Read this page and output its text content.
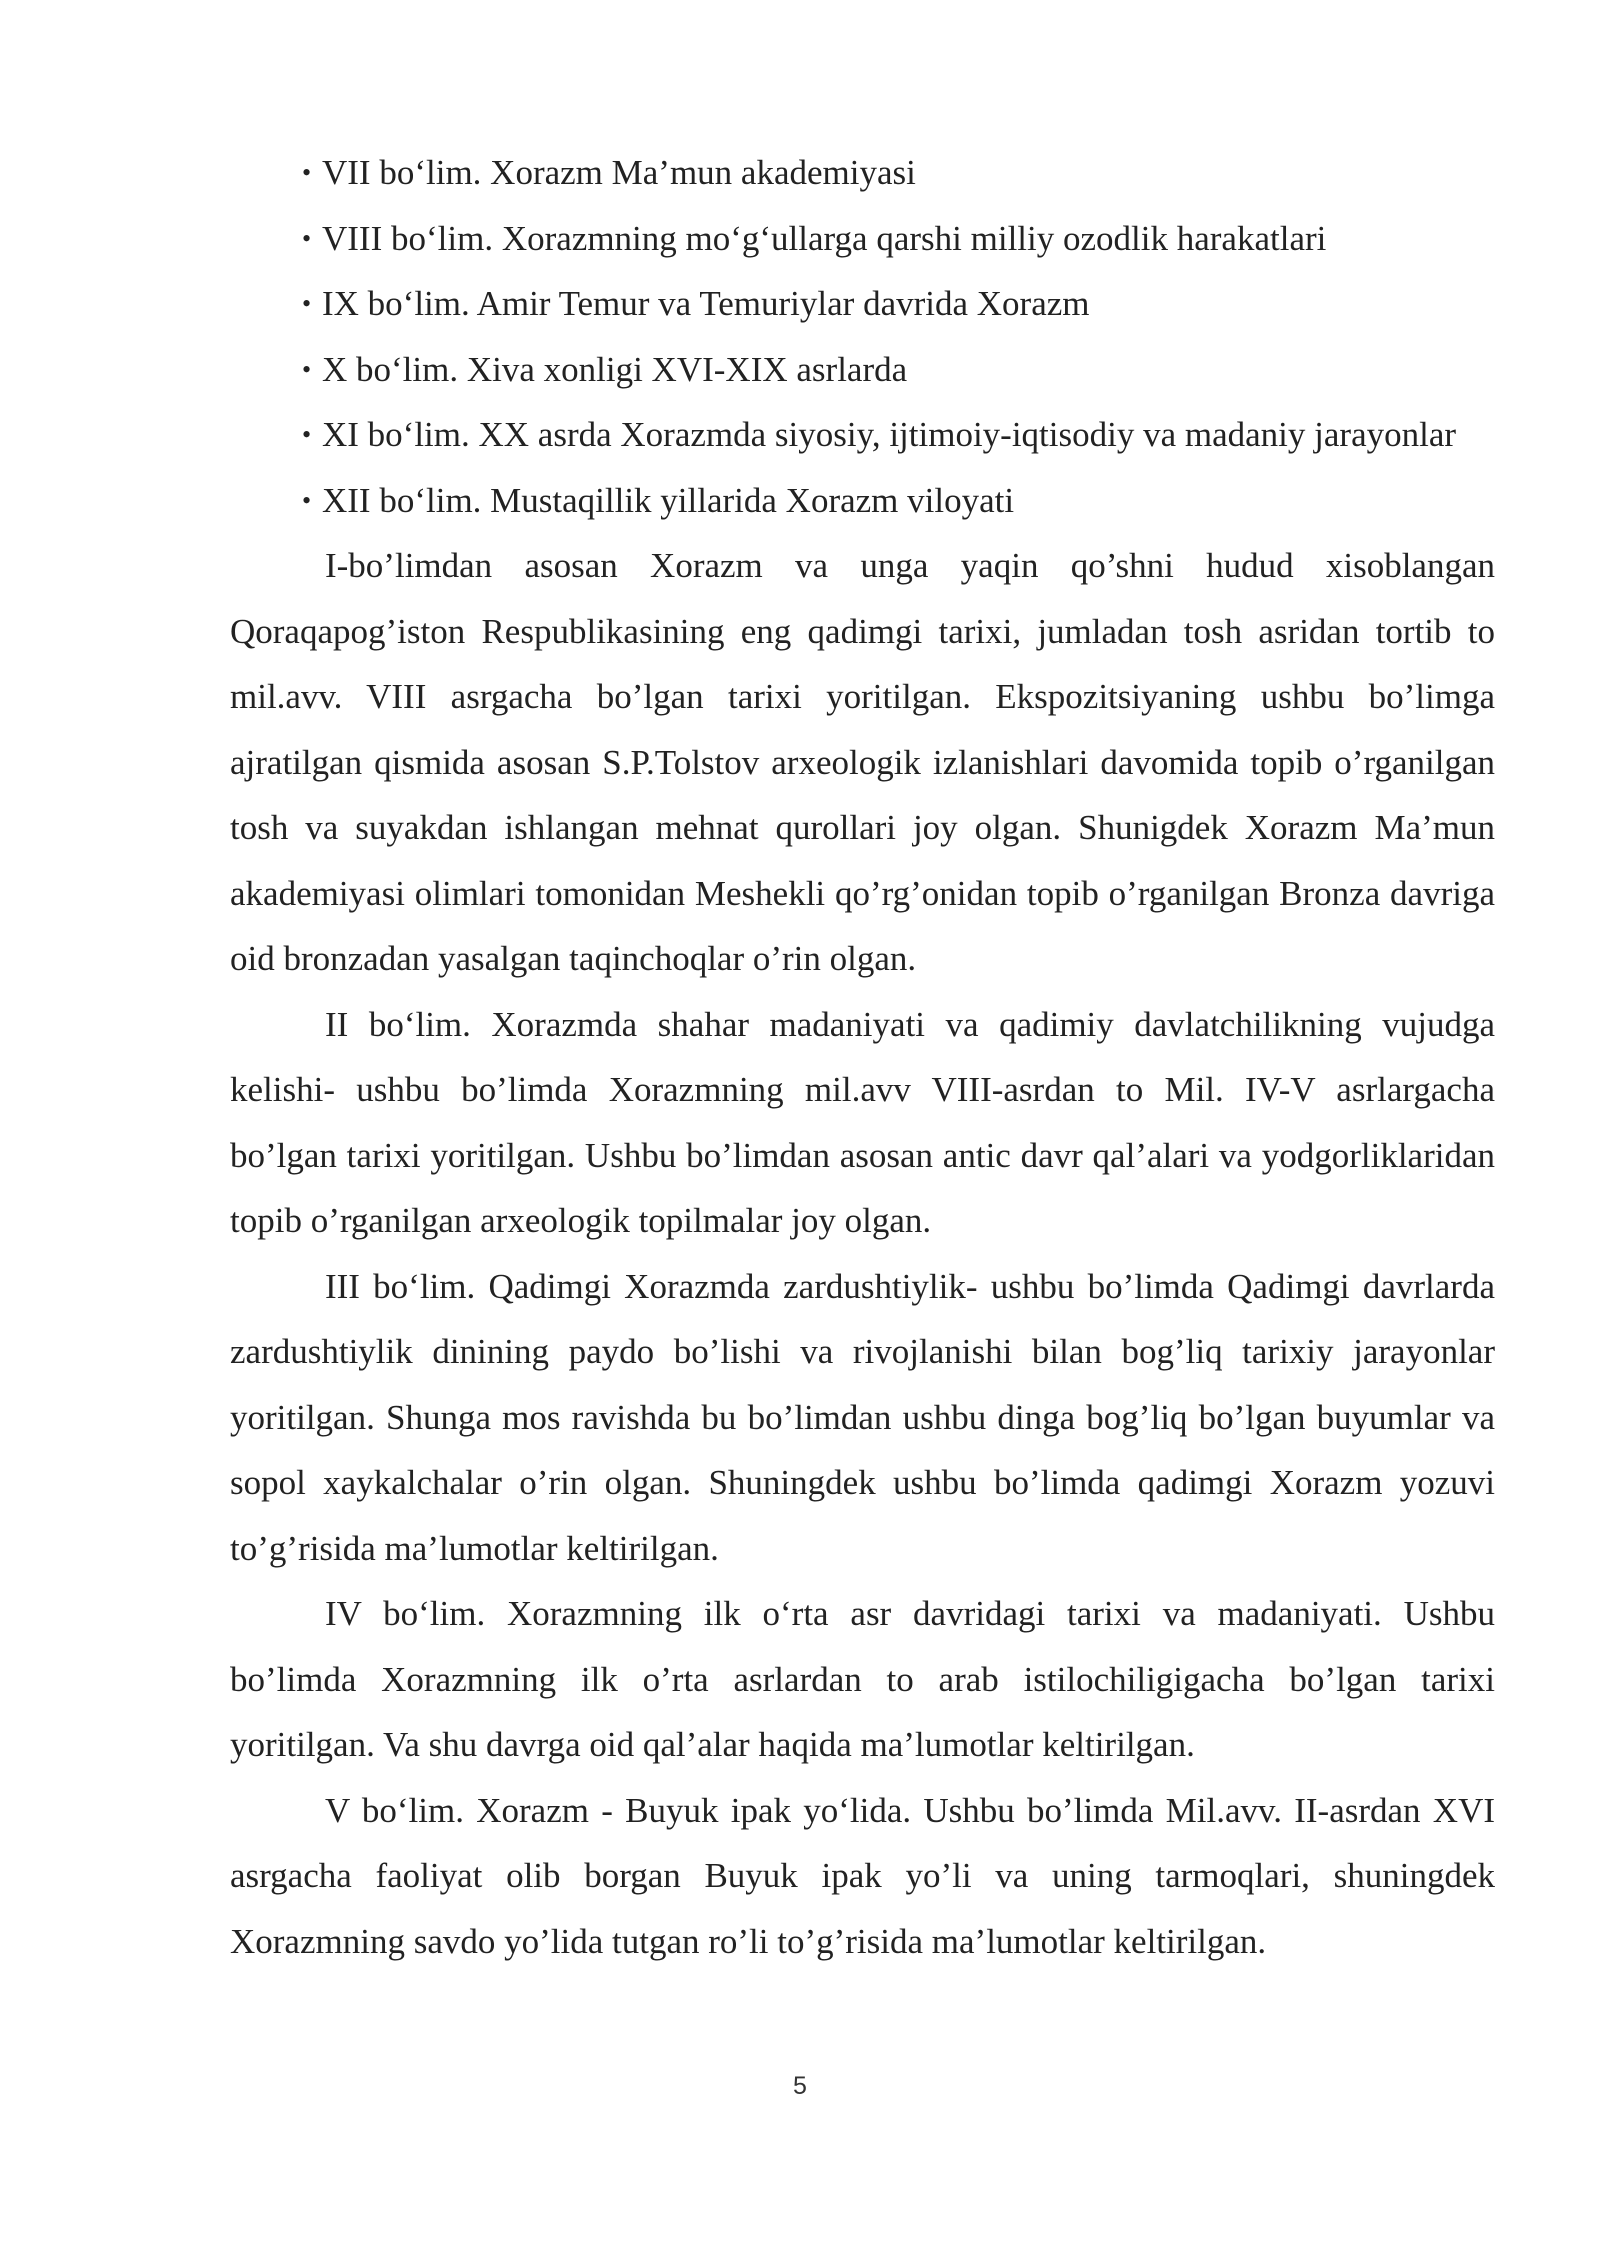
• VII bo‘lim. Xorazm Ma’mun akademiyasi
• VIII bo‘lim. Xorazmning mo‘g‘ullarga qarshi milliy ozodlik harakatlari
• IX bo‘lim. Amir Temur va Temuriylar davrida Xorazm
• X bo‘lim. Xiva xonligi XVI-XIX asrlarda
• XI bo‘lim. XX asrda Xorazmda siyosiy, ijtimoiy-iqtisodiy va madaniy jarayonlar
• XII bo‘lim. Mustaqillik yillarida Xorazm viloyati

I-bo’limdan asosan Xorazm va unga yaqin qo’shni hudud xisoblangan Qoraqapog’iston Respublikasining eng qadimgi tarixi, jumladan tosh asridan tortib to mil.avv. VIII asrgacha bo’lgan tarixi yoritilgan. Ekspozitsiyaning ushbu bo’limga ajratilgan qismida asosan S.P.Tolstov arxeologik izlanishlari davomida topib o’rganilgan tosh va suyakdan ishlangan mehnat qurollari joy olgan. Shunigdek Xorazm Ma’mun akademiyasi olimlari tomonidan Meshekli qo’rg’onidan topib o’rganilgan Bronza davriga oid bronzadan yasalgan taqinchoqlar o’rin olgan.

II bo‘lim. Xorazmda shahar madaniyati va qadimiy davlatchilikning vujudga kelishi- ushbu bo’limda Xorazmning mil.avv VIII-asrdan to Mil. IV-V asrlargacha bo’lgan tarixi yoritilgan. Ushbu bo’limdan asosan antic davr qal’alari va yodgorliklaridan topib o’rganilgan arxeologik topilmalar joy olgan.

III bo‘lim. Qadimgi Xorazmda zardushtiylik- ushbu bo’limda Qadimgi davrlarda zardushtiylik dinining paydo bo’lishi va rivojlanishi bilan bog’liq tarixiy jarayonlar yoritilgan. Shunga mos ravishda bu bo’limdan ushbu dinga bog’liq bo’lgan buyumlar va sopol xaykalchalar o’rin olgan. Shuningdek ushbu bo’limda qadimgi Xorazm yozuvi to’g’risida ma’lumotlar keltirilgan.

IV bo‘lim. Xorazmning ilk o‘rta asr davridagi tarixi va madaniyati. Ushbu bo’limda Xorazmning ilk o’rta asrlardan to arab istilochiligigacha bo’lgan tarixi yoritilgan. Va shu davrga oid qal’alar haqida ma’lumotlar keltirilgan.

V bo‘lim. Xorazm - Buyuk ipak yo‘lida. Ushbu bo’limda Mil.avv. II-asrdan XVI asrgacha faoliyat olib borgan Buyuk ipak yo’li va uning tarmoqlari, shuningdek Xorazmning savdo yo’lida tutgan ro’li to’g’risida ma’lumotlar keltirilgan.

5
